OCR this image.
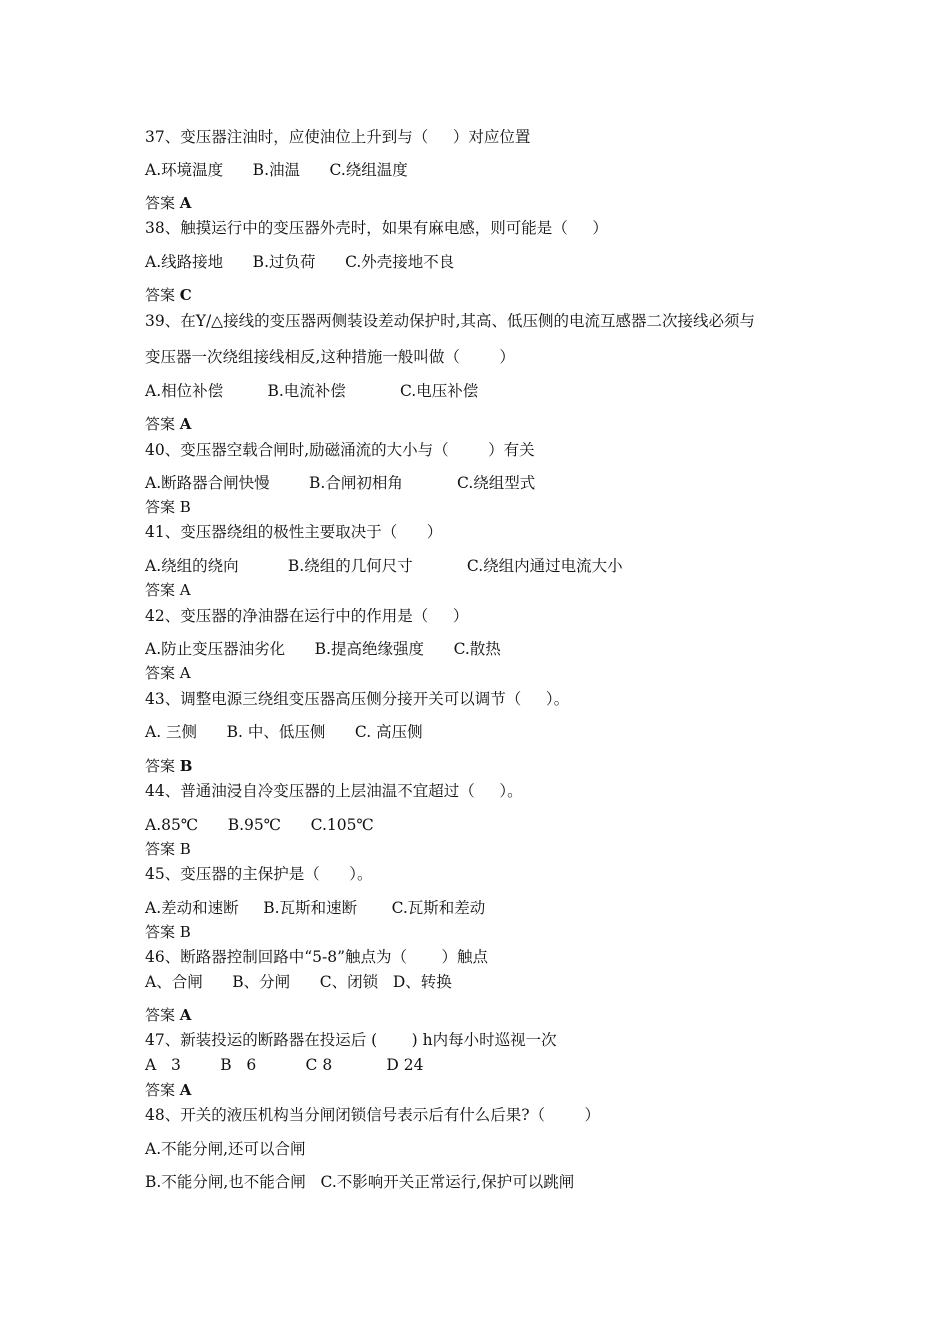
37、变压器注油时，应使油位上升到与（     ）对应位置
A.环境温度      B.油温      C.绕组温度
答案 A
38、触摸运行中的变压器外壳时，如果有麻电感，则可能是（     ）
A.线路接地      B.过负荷      C.外壳接地不良
答案 C
39、在Y/△接线的变压器两侧装设差动保护时,其高、低压侧的电流互感器二次接线必须与
变压器一次绕组接线相反,这种措施一般叫做（        ）
A.相位补偿         B.电流补偿           C.电压补偿
答案 A
40、变压器空载合闸时,励磁涌流的大小与（        ）有关
A.断路器合闸快慢        B.合闸初相角           C.绕组型式
答案 B
41、变压器绕组的极性主要取决于（      ）
A.绕组的绕向          B.绕组的几何尺寸           C.绕组内通过电流大小
答案 A
42、变压器的净油器在运行中的作用是（     ）
A.防止变压器油劣化      B.提高绝缘强度      C.散热
答案 A
43、调整电源三绕组变压器高压侧分接开关可以调节（     ）。
A. 三侧      B. 中、低压侧      C. 高压侧
答案 B
44、普通油浸自冷变压器的上层油温不宜超过（     ）。
A.85℃      B.95℃      C.105℃
答案 B
45、变压器的主保护是（      ）。
A.差动和速断     B.瓦斯和速断       C.瓦斯和差动
答案 B
46、断路器控制回路中“5-8”触点为（       ）触点
A、合闸      B、分闸      C、闭锁   D、转换
答案 A
47、新装投运的断路器在投运后 (       ) h内每小时巡视一次
A   3        B   6          C 8           D 24
答案 A
48、开关的液压机构当分闸闭锁信号表示后有什么后果?（        ）
A.不能分闸,还可以合闸
B.不能分闸,也不能合闸   C.不影响开关正常运行,保护可以跳闸
